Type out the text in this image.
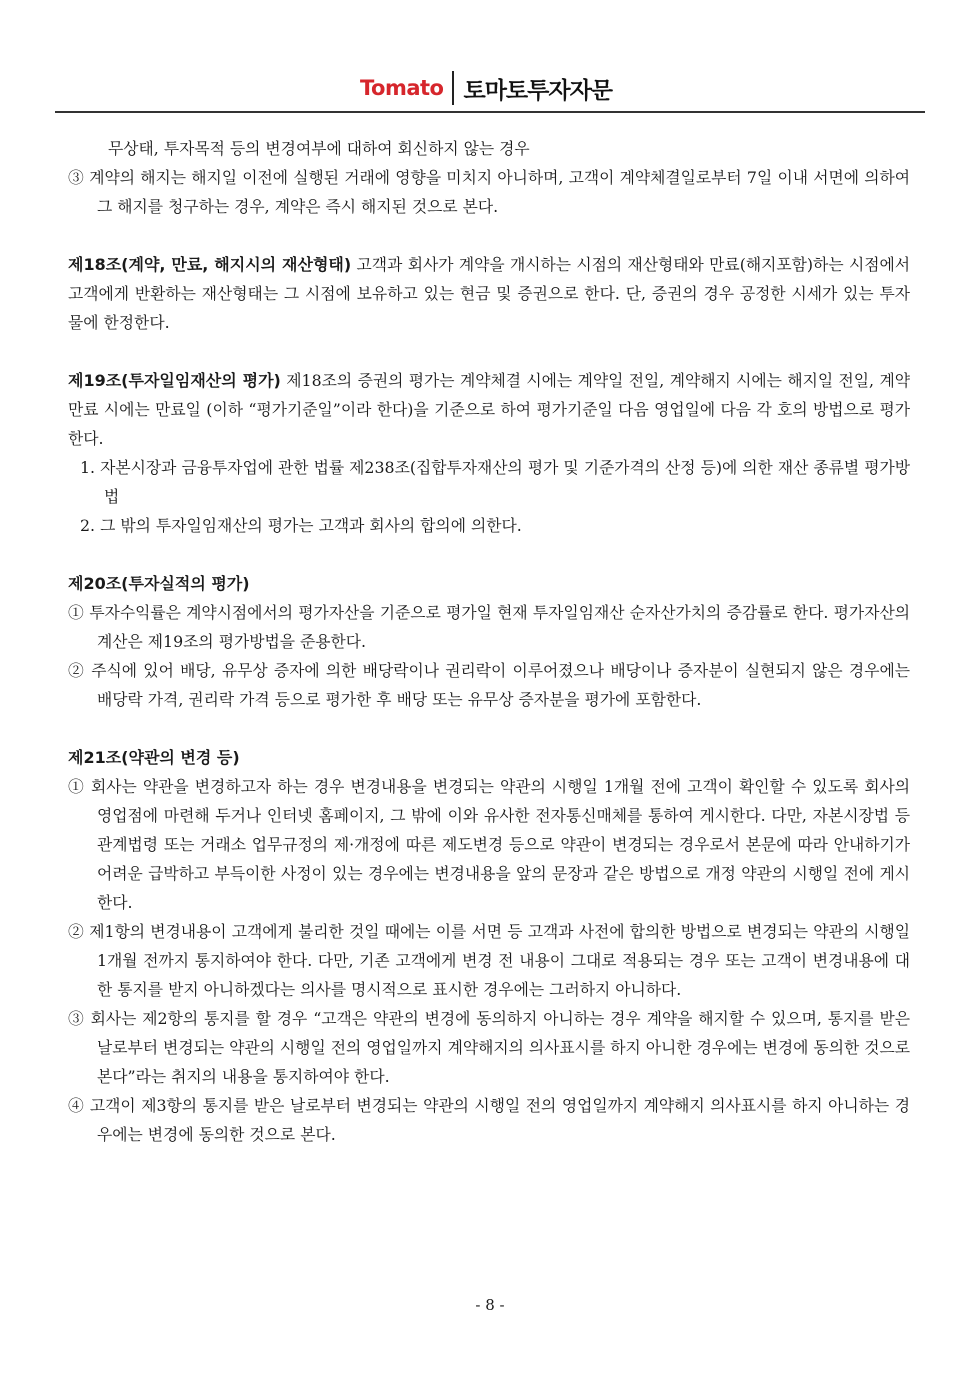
Tomato 토마토투자자문

무상태, 투자목적 등의 변경여부에 대하여 회신하지 않는 경우

③ 계약의 해지는 해지일 이전에 실행된 거래에 영향을 미치지 아니하며, 고객이 계약체결일로부터 7일 이내 서면에 의하여 그 해지를 청구하는 경우, 계약은 즉시 해지된 것으로 본다.

제18조(계약, 만료, 해지시의 재산형태) 고객과 회사가 계약을 개시하는 시점의 재산형태와 만료(해지포함)하는 시점에서 고객에게 반환하는 재산형태는 그 시점에 보유하고 있는 현금 및 증권으로 한다. 단, 증권의 경우 공정한 시세가 있는 투자물에 한정한다.

제19조(투자일임재산의 평가) 제18조의 증권의 평가는 계약체결 시에는 계약일 전일, 계약해지 시에는 해지일 전일, 계약만료 시에는 만료일 (이하 “평가기준일”이라 한다)을 기준으로 하여 평가기준일 다음 영업일에 다음 각 호의 방법으로 평가한다.

1. 자본시장과 금융투자업에 관한 법률 제238조(집합투자재산의 평가 및 기준가격의 산정 등)에 의한 재산 종류별 평가방법

2. 그 밖의 투자일임재산의 평가는 고객과 회사의 합의에 의한다.

제20조(투자실적의 평가)

① 투자수익률은 계약시점에서의 평가자산을 기준으로 평가일 현재 투자일임재산 순자산가치의 증감률로 한다. 평가자산의 계산은 제19조의 평가방법을 준용한다.

② 주식에 있어 배당, 유무상 증자에 의한 배당락이나 권리락이 이루어졌으나 배당이나 증자분이 실현되지 않은 경우에는 배당락 가격, 권리락 가격 등으로 평가한 후 배당 또는 유무상 증자분을 평가에 포함한다.

제21조(약관의 변경 등)

① 회사는 약관을 변경하고자 하는 경우 변경내용을 변경되는 약관의 시행일 1개월 전에 고객이 확인할 수 있도록 회사의 영업점에 마련해 두거나 인터넷 홈페이지, 그 밖에 이와 유사한 전자통신매체를 통하여 게시한다. 다만, 자본시장법 등 관계법령 또는 거래소 업무규정의 제·개정에 따른 제도변경 등으로 약관이 변경되는 경우로서 본문에 따라 안내하기가 어려운 급박하고 부득이한 사정이 있는 경우에는 변경내용을 앞의 문장과 같은 방법으로 개정 약관의 시행일 전에 게시한다.

② 제1항의 변경내용이 고객에게 불리한 것일 때에는 이를 서면 등 고객과 사전에 합의한 방법으로 변경되는 약관의 시행일 1개월 전까지 통지하여야 한다. 다만, 기존 고객에게 변경 전 내용이 그대로 적용되는 경우 또는 고객이 변경내용에 대한 통지를 받지 아니하겠다는 의사를 명시적으로 표시한 경우에는 그러하지 아니하다.

③ 회사는 제2항의 통지를 할 경우 “고객은 약관의 변경에 동의하지 아니하는 경우 계약을 해지할 수 있으며, 통지를 받은 날로부터 변경되는 약관의 시행일 전의 영업일까지 계약해지의 의사표시를 하지 아니한 경우에는 변경에 동의한 것으로 본다”라는 취지의 내용을 통지하여야 한다.

④ 고객이 제3항의 통지를 받은 날로부터 변경되는 약관의 시행일 전의 영업일까지 계약해지 의사표시를 하지 아니하는 경우에는 변경에 동의한 것으로 본다.

- 8 -
